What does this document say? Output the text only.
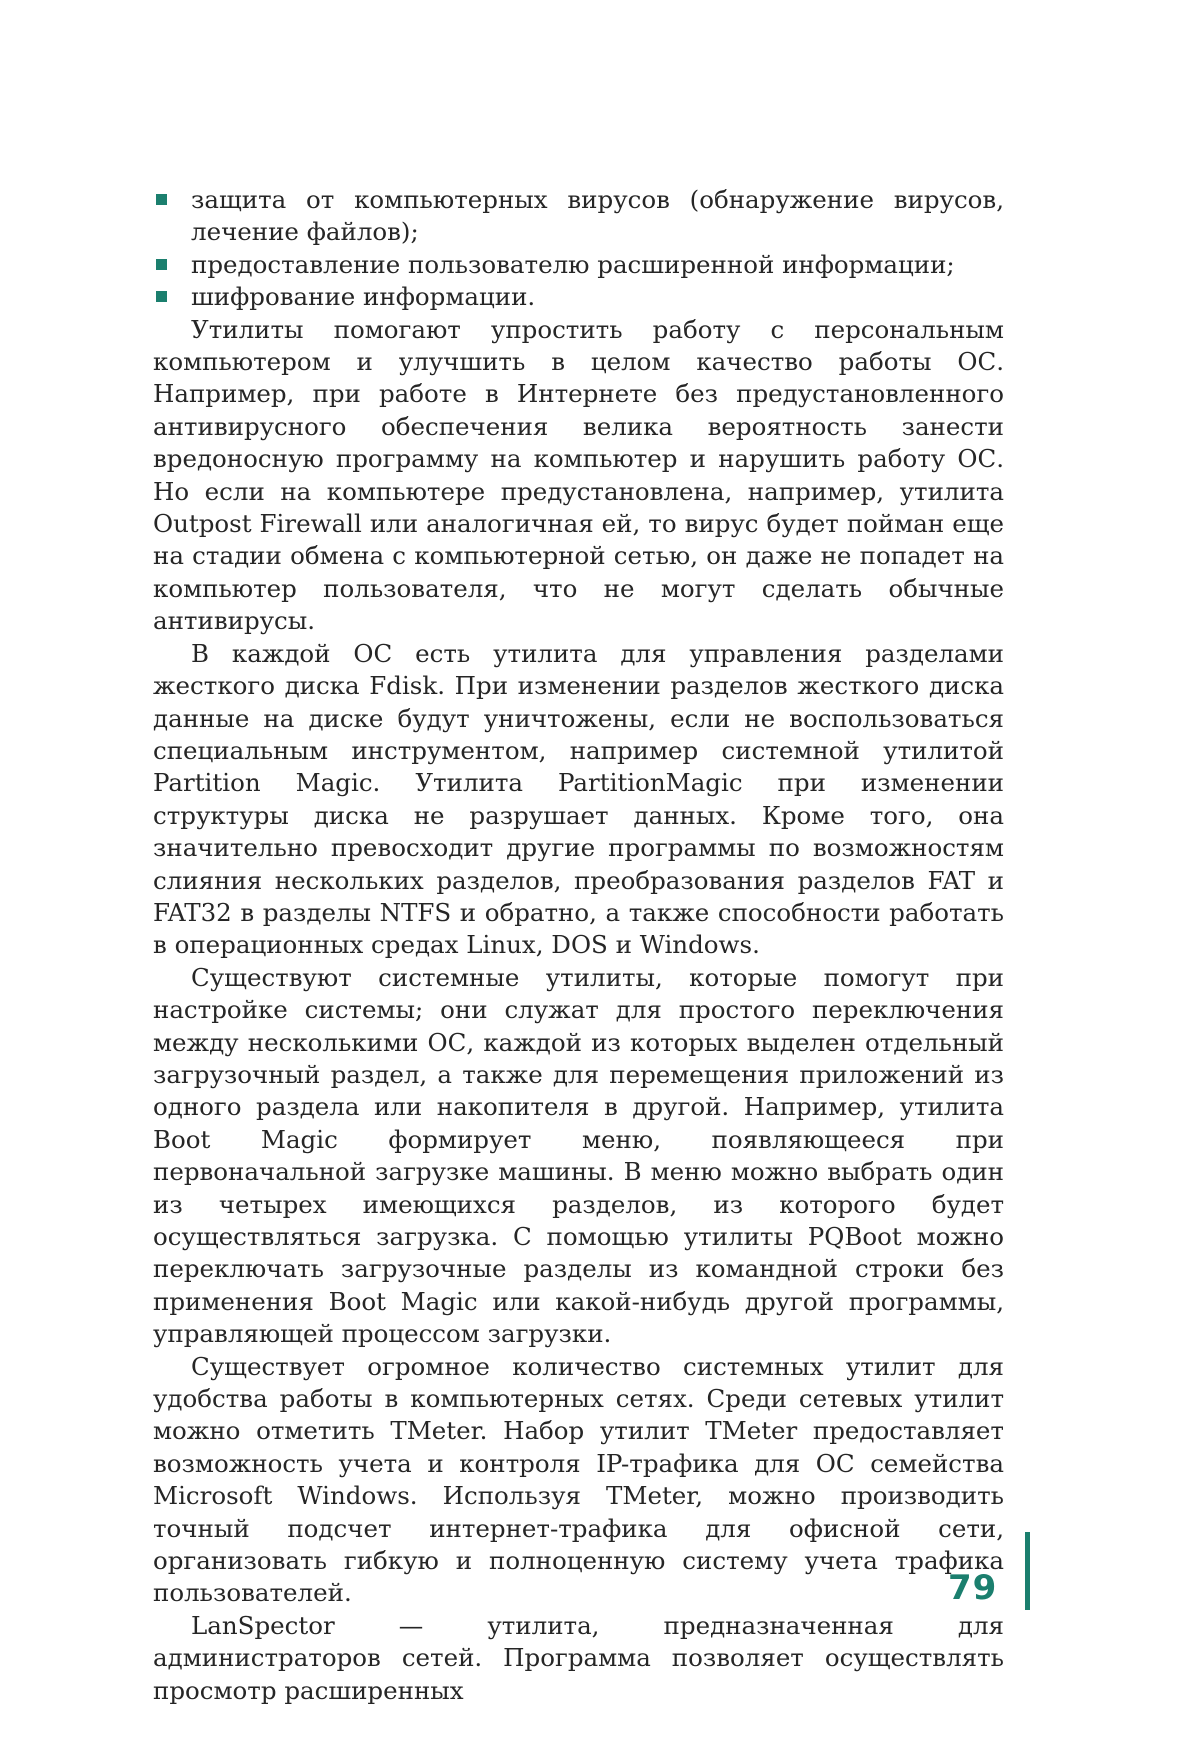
защита от компьютерных вирусов (обнаружение вирусов, лечение файлов);
предоставление пользователю расширенной информации;
шифрование информации.

Утилиты помогают упростить работу с персональным компьютером и улучшить в целом качество работы ОС. Например, при работе в Интернете без предустановленного антивирусного обеспечения велика вероятность занести вредоносную программу на компьютер и нарушить работу ОС. Но если на компьютере предустановлена, например, утилита Outpost Firewall или аналогичная ей, то вирус будет пойман еще на стадии обмена с компьютерной сетью, он даже не попадет на компьютер пользователя, что не могут сделать обычные антивирусы.

В каждой ОС есть утилита для управления разделами жесткого диска Fdisk. При изменении разделов жесткого диска данные на диске будут уничтожены, если не воспользоваться специальным инструментом, например системной утилитой Partition Magic. Утилита PartitionMagic при изменении структуры диска не разрушает данных. Кроме того, она значительно превосходит другие программы по возможностям слияния нескольких разделов, преобразования разделов FAT и FAT32 в разделы NTFS и обратно, а также способности работать в операционных средах Linux, DOS и Windows.

Существуют системные утилиты, которые помогут при настройке системы; они служат для простого переключения между несколькими ОС, каждой из которых выделен отдельный загрузочный раздел, а также для перемещения приложений из одного раздела или накопителя в другой. Например, утилита Boot Magic формирует меню, появляющееся при первоначальной загрузке машины. В меню можно выбрать один из четырех имеющихся разделов, из которого будет осуществляться загрузка. С помощью утилиты PQBoot можно переключать загрузочные разделы из командной строки без применения Boot Magic или какой-нибудь другой программы, управляющей процессом загрузки.

Существует огромное количество системных утилит для удобства работы в компьютерных сетях. Среди сетевых утилит можно отметить TMeter. Набор утилит TMeter предоставляет возможность учета и контроля IP-трафика для ОС семейства Microsoft Windows. Используя TMeter, можно производить точный подсчет интернет-трафика для офисной сети, организовать гибкую и полноценную систему учета трафика пользователей.

LanSpector — утилита, предназначенная для администраторов сетей. Программа позволяет осуществлять просмотр расширенных

79
